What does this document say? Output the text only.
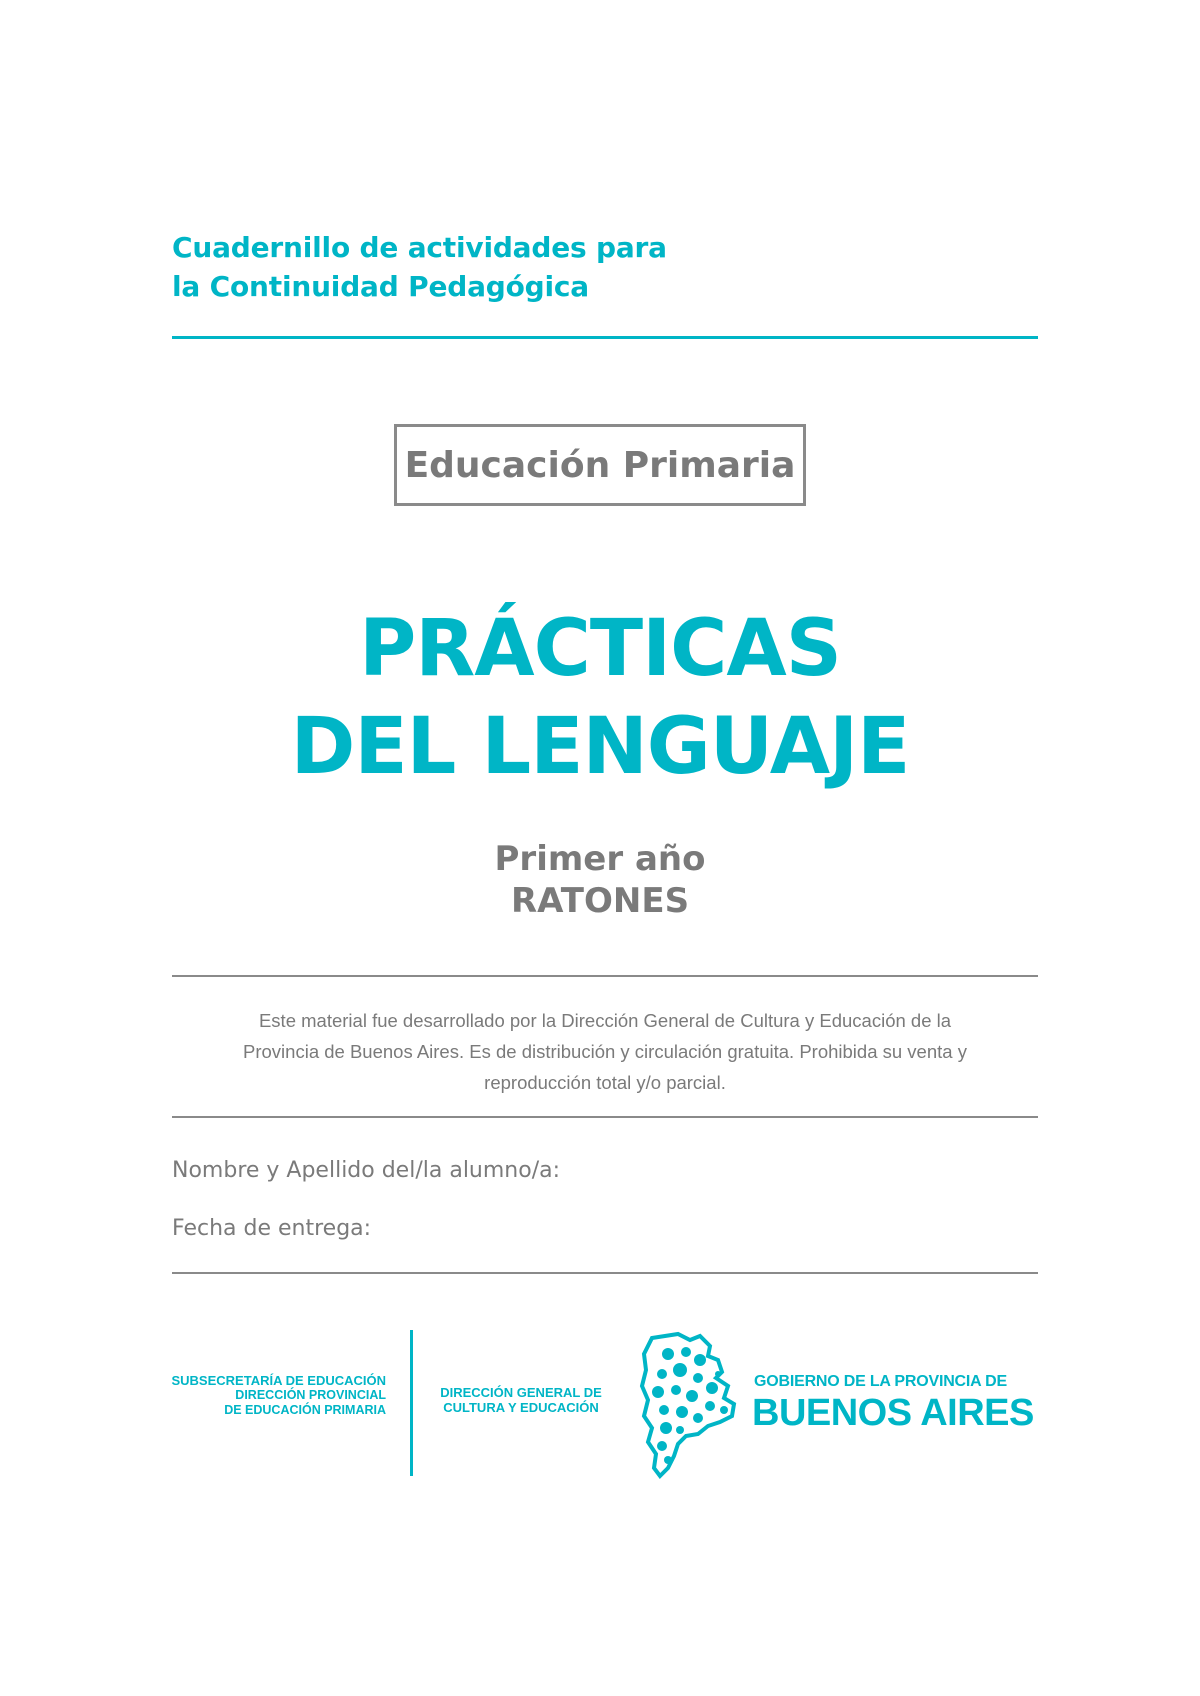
Cuadernillo de actividades para
la Continuidad Pedagógica
Educación Primaria
PRÁCTICAS
DEL LENGUAJE
Primer año
RATONES
Este material fue desarrollado por la Dirección General de Cultura y Educación de la
Provincia de Buenos Aires. Es de distribución y circulación gratuita. Prohibida su venta y
reproducción total y/o parcial.
Nombre y Apellido del/la alumno/a:
Fecha de entrega:
SUBSECRETARÍA DE EDUCACIÓN
DIRECCIÓN PROVINCIAL
DE EDUCACIÓN PRIMARIA
DIRECCIÓN GENERAL DE
CULTURA Y EDUCACIÓN
GOBIERNO DE LA PROVINCIA DE
BUENOS AIRES
